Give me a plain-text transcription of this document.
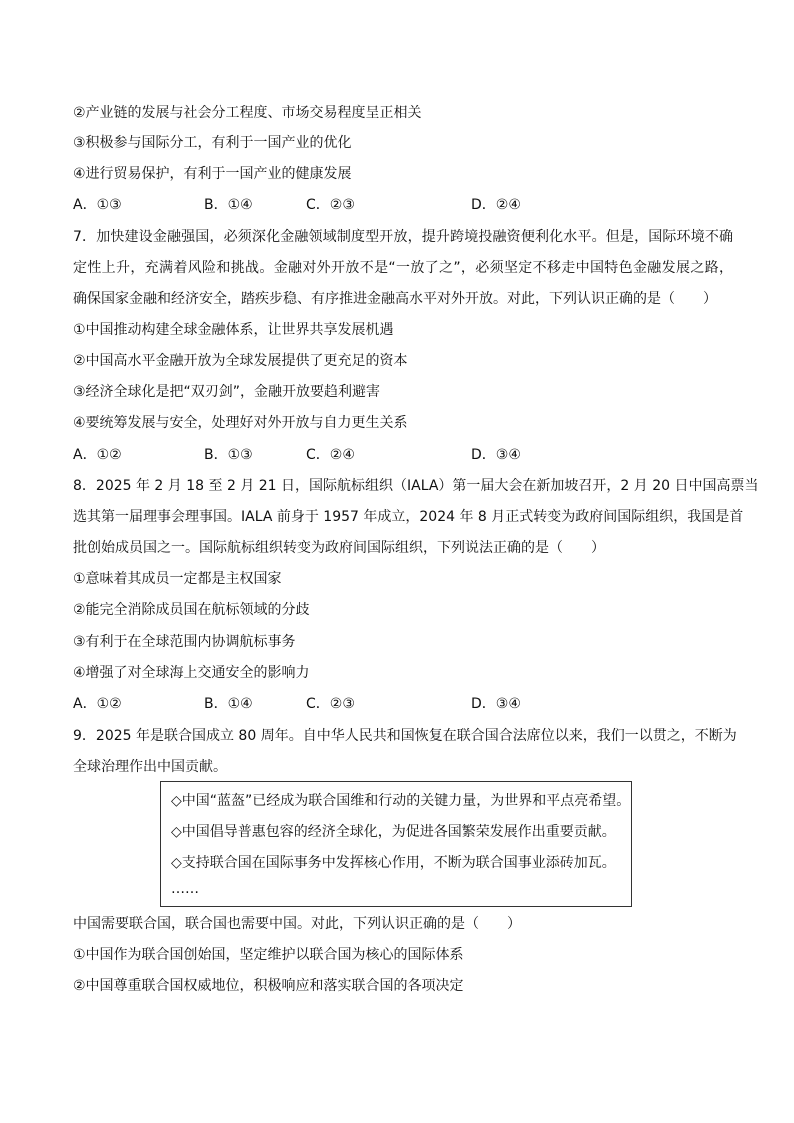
②产业链的发展与社会分工程度、市场交易程度呈正相关
③积极参与国际分工，有利于一国产业的优化
④进行贸易保护，有利于一国产业的健康发展
A．①③	B．①④	C．②③	D．②④
7．加快建设金融强国，必须深化金融领域制度型开放，提升跨境投融资便利化水平。但是，国际环境不确
定性上升，充满着风险和挑战。金融对外开放不是“一放了之”，必须坚定不移走中国特色金融发展之路，
确保国家金融和经济安全，踏疾步稳、有序推进金融高水平对外开放。对此，下列认识正确的是（　　）
①中国推动构建全球金融体系，让世界共享发展机遇
②中国高水平金融开放为全球发展提供了更充足的资本
③经济全球化是把“双刃剑”，金融开放要趋利避害
④要统筹发展与安全，处理好对外开放与自力更生关系
A．①②	B．①③	C．②④	D．③④
8．2025 年 2 月 18 至 2 月 21 日，国际航标组织（IALA）第一届大会在新加坡召开，2 月 20 日中国高票当
选其第一届理事会理事国。IALA 前身于 1957 年成立，2024 年 8 月正式转变为政府间国际组织，我国是首
批创始成员国之一。国际航标组织转变为政府间国际组织，下列说法正确的是（　　）
①意味着其成员一定都是主权国家
②能完全消除成员国在航标领域的分歧
③有利于在全球范围内协调航标事务
④增强了对全球海上交通安全的影响力
A．①②	B．①④	C．②③	D．③④
9．2025 年是联合国成立 80 周年。自中华人民共和国恢复在联合国合法席位以来，我们一以贯之，不断为
全球治理作出中国贡献。
◇中国“蓝盔”已经成为联合国维和行动的关键力量，为世界和平点亮希望。
◇中国倡导普惠包容的经济全球化，为促进各国繁荣发展作出重要贡献。
◇支持联合国在国际事务中发挥核心作用，不断为联合国事业添砖加瓦。
……
中国需要联合国，联合国也需要中国。对此，下列认识正确的是（　　）
①中国作为联合国创始国，坚定维护以联合国为核心的国际体系
②中国尊重联合国权威地位，积极响应和落实联合国的各项决定
